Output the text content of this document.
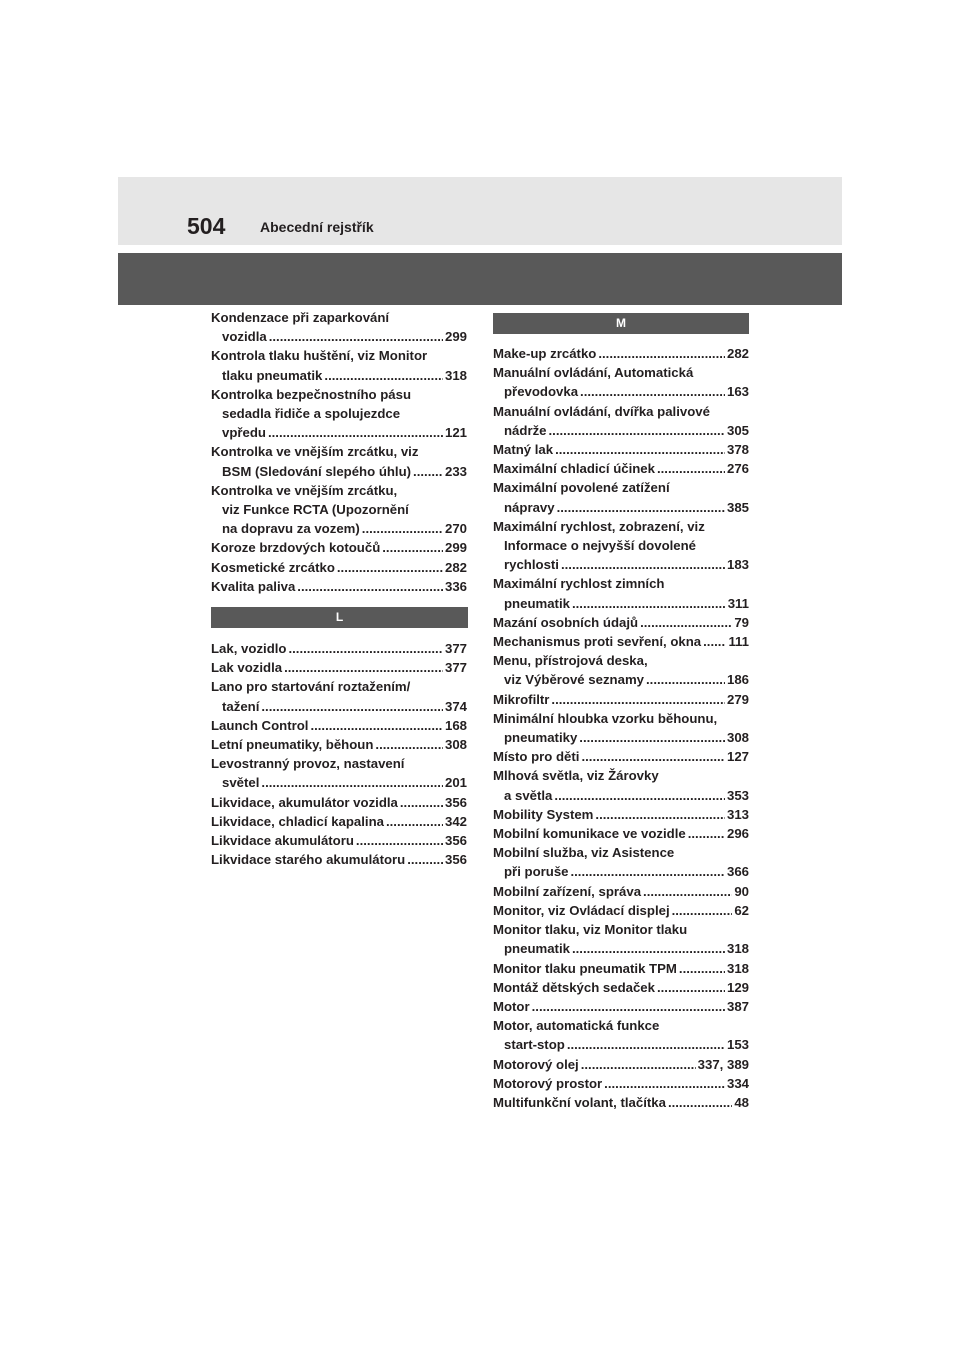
504 Abecední rejstřík
Kondenzace při zaparkování
vozidla .....	299
Kontrola tlaku huštění, viz Monitor
tlaku pneumatik .....	318
Kontrolka bezpečnostního pásu
sedadla řidiče a spolujezdce
vpředu .....	121
Kontrolka ve vnějším zrcátku, viz
BSM (Sledování slepého úhlu) .....	233
Kontrolka ve vnějším zrcátku,
viz Funkce RCTA (Upozornění
na dopravu za vozem) .....	270
Koroze brzdových kotoučů .....	299
Kosmetické zrcátko .....	282
Kvalita paliva .....	336
L
Lak, vozidlo .....	377
Lak vozidla .....	377
Lano pro startování roztažením/
tažení .....	374
Launch Control .....	168
Letní pneumatiky, běhoun .....	308
Levostranný provoz, nastavení
světel .....	201
Likvidace, akumulátor vozidla .....	356
Likvidace, chladicí kapalina .....	342
Likvidace akumulátoru .....	356
Likvidace starého akumulátoru .....	356
M
Make-up zrcátko .....	282
Manuální ovládání, Automatická
převodovka .....	163
Manuální ovládání, dvířka palivové
nádrže .....	305
Matný lak .....	378
Maximální chladicí účinek .....	276
Maximální povolené zatížení
nápravy .....	385
Maximální rychlost, zobrazení, viz
Informace o nejvyšší dovolené
rychlosti .....	183
Maximální rychlost zimních
pneumatik .....	311
Mazání osobních údajů .....	79
Mechanismus proti sevření, okna ..... 111
Menu, přístrojová deska,
viz Výběrové seznamy .....	186
Mikrofiltr .....	279
Minimální hloubka vzorku běhounu,
pneumatiky .....	308
Místo pro děti .....	127
Mlhová světla, viz Žárovky
a světla .....	353
Mobility System .....	313
Mobilní komunikace ve vozidle .....	296
Mobilní služba, viz Asistence
při poruše .....	366
Mobilní zařízení, správa .....	90
Monitor, viz Ovládací displej .....	62
Monitor tlaku, viz Monitor tlaku
pneumatik .....	318
Monitor tlaku pneumatik TPM .....	318
Montáž dětských sedaček .....	129
Motor .....	387
Motor, automatická funkce
start-stop .....	153
Motorový olej .....	337, 389
Motorový prostor .....	334
Multifunkční volant, tlačítka .....	48
